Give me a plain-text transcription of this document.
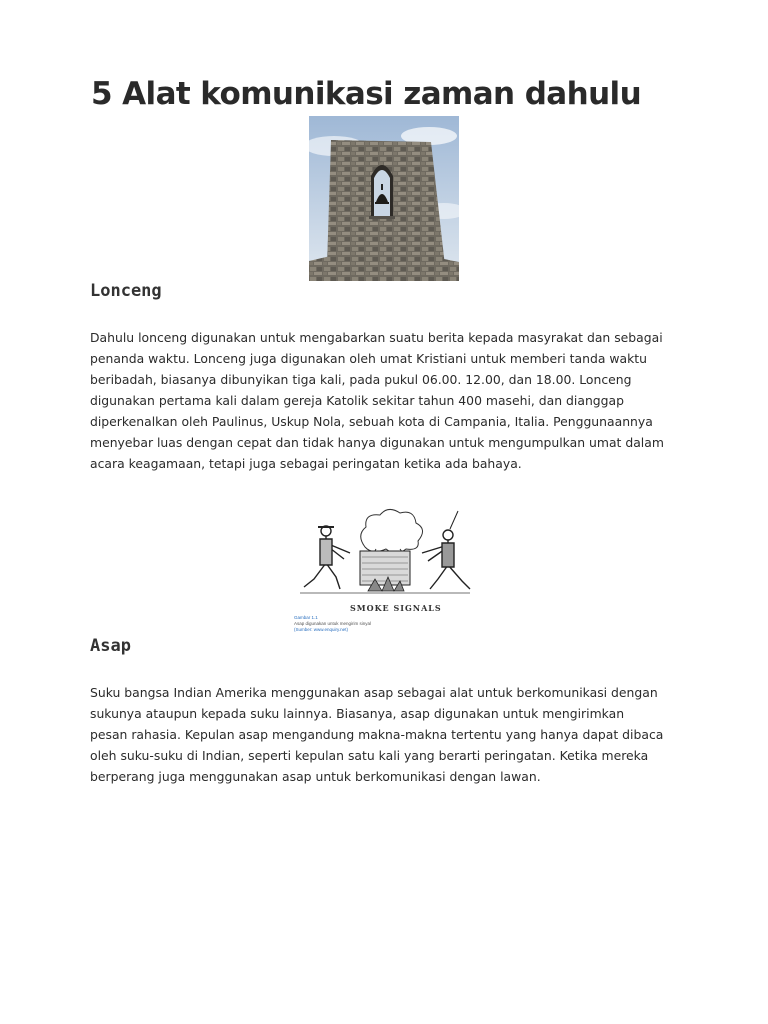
5 Alat komunikasi zaman dahulu
Lonceng
Dahulu lonceng digunakan untuk mengabarkan suatu berita kepada masyrakat dan sebagai
penanda waktu. Lonceng juga digunakan oleh umat Kristiani untuk memberi tanda waktu
beribadah, biasanya dibunyikan tiga kali, pada pukul 06.00. 12.00, dan 18.00. Lonceng
digunakan pertama kali dalam gereja Katolik sekitar tahun 400 masehi, dan dianggap
diperkenalkan oleh Paulinus, Uskup Nola, sebuah kota di Campania, Italia. Penggunaannya
menyebar luas dengan cepat dan tidak hanya digunakan untuk mengumpulkan umat dalam
acara keagamaan, tetapi juga sebagai peringatan ketika ada bahaya.
SMOKE SIGNALS
Gambar 1.1
Asap digunakan untuk mengirim sinyal
(Sumber: www.enquiry.net)
Asap
Suku bangsa Indian Amerika menggunakan asap sebagai alat untuk berkomunikasi dengan
sukunya ataupun kepada suku lainnya. Biasanya, asap digunakan untuk mengirimkan
pesan rahasia. Kepulan asap mengandung makna-makna tertentu yang hanya dapat dibaca
oleh suku-suku di Indian, seperti kepulan satu kali yang berarti peringatan. Ketika mereka
berperang juga menggunakan asap untuk berkomunikasi dengan lawan.
